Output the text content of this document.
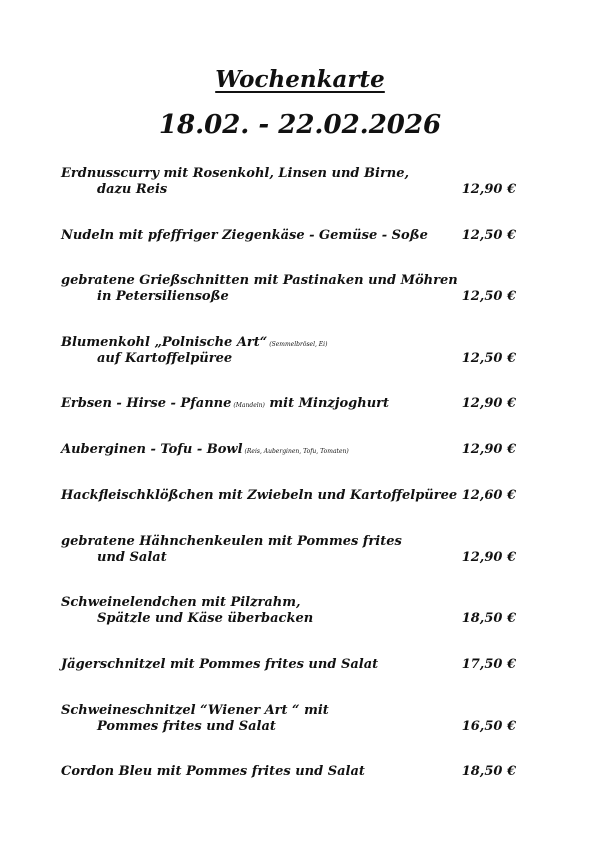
Wochenkarte
18.02. - 22.02.2026
Erdnusscurry mit Rosenkohl, Linsen und Birne,
dazu Reis	12,90 €
Nudeln mit pfeffriger Ziegenkäse - Gemüse - Soße	12,50 €
gebratene Grießschnitten mit Pastinaken und Möhren
in Petersiliensoße	12,50 €
Blumenkohl „Polnische Art“ (Semmelbrösel, Ei)
auf Kartoffelpüree	12,50 €
Erbsen - Hirse - Pfanne (Mandeln) mit Minzjoghurt	12,90 €
Auberginen - Tofu - Bowl (Reis, Auberginen, Tofu, Tomaten)	12,90 €
Hackfleischklößchen mit Zwiebeln und Kartoffelpüree 12,60 €
gebratene Hähnchenkeulen mit Pommes frites
und Salat	12,90 €
Schweinelendchen mit Pilzrahm,
Spätzle und Käse überbacken	18,50 €
Jägerschnitzel mit Pommes frites und Salat	17,50 €
Schweineschnitzel “Wiener Art “ mit
Pommes frites und Salat	16,50 €
Cordon Bleu mit Pommes frites und Salat	18,50 €
